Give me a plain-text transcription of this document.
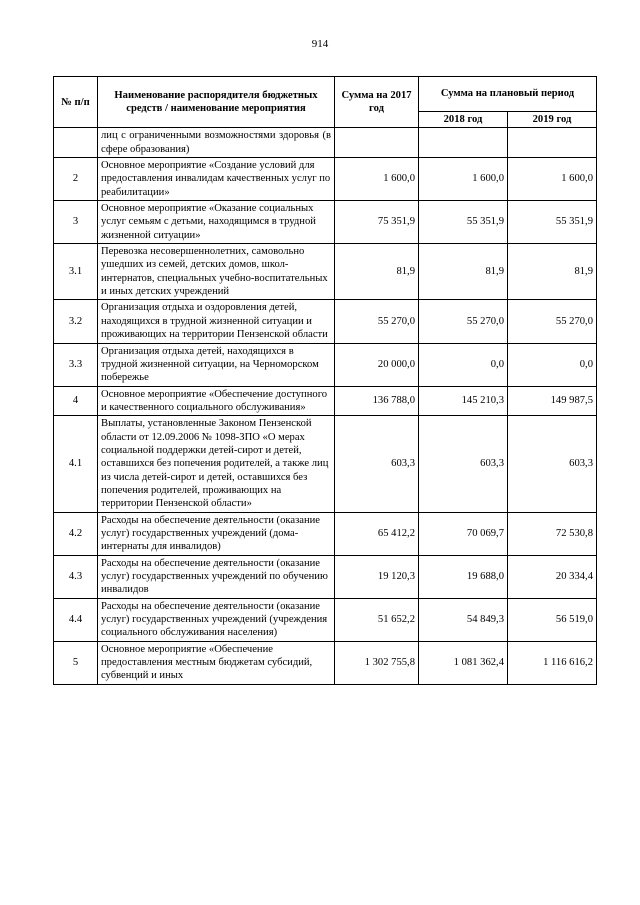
914
№ п/п	Наименование распорядителя бюджетных средств / наименование мероприятия	Сумма на 2017 год	Сумма на плановый период	
			2018 год	2019 год
	лиц с ограниченными возможностями здоровья (в сфере образования)			
2	Основное мероприятие «Создание условий для предоставления инвалидам качественных услуг по реабилитации»	1 600,0	1 600,0	1 600,0
3	Основное мероприятие «Оказание социальных услуг семьям с детьми, находящимся в трудной жизненной ситуации»	75 351,9	55 351,9	55 351,9
3.1	Перевозка несовершеннолетних, самовольно ушедших из семей, детских домов, школ-интернатов, специальных учебно-воспитательных и иных детских учреждений	81,9	81,9	81,9
3.2	Организация отдыха и оздоровления детей, находящихся в трудной жизненной ситуации и проживающих на территории Пензенской области	55 270,0	55 270,0	55 270,0
3.3	Организация отдыха детей, находящихся в трудной жизненной ситуации, на Черноморском побережье	20 000,0	0,0	0,0
4	Основное мероприятие «Обеспечение доступного и качественного социального обслуживания»	136 788,0	145 210,3	149 987,5
4.1	Выплаты, установленные Законом Пензенской области от 12.09.2006 № 1098-ЗПО «О мерах социальной поддержки детей-сирот и детей, оставшихся без попечения родителей, а также лиц из числа детей-сирот и детей, оставшихся без попечения родителей, проживающих на территории Пензенской области»	603,3	603,3	603,3
4.2	Расходы на обеспечение деятельности (оказание услуг) государственных учреждений (дома-интернаты для инвалидов)	65 412,2	70 069,7	72 530,8
4.3	Расходы на обеспечение деятельности (оказание услуг) государственных учреждений по обучению инвалидов	19 120,3	19 688,0	20 334,4
4.4	Расходы на обеспечение деятельности (оказание услуг) государственных учреждений (учреждения социального обслуживания населения)	51 652,2	54 849,3	56 519,0
5	Основное мероприятие «Обеспечение предоставления местным бюджетам субсидий, субвенций и иных	1 302 755,8	1 081 362,4	1 116 616,2
